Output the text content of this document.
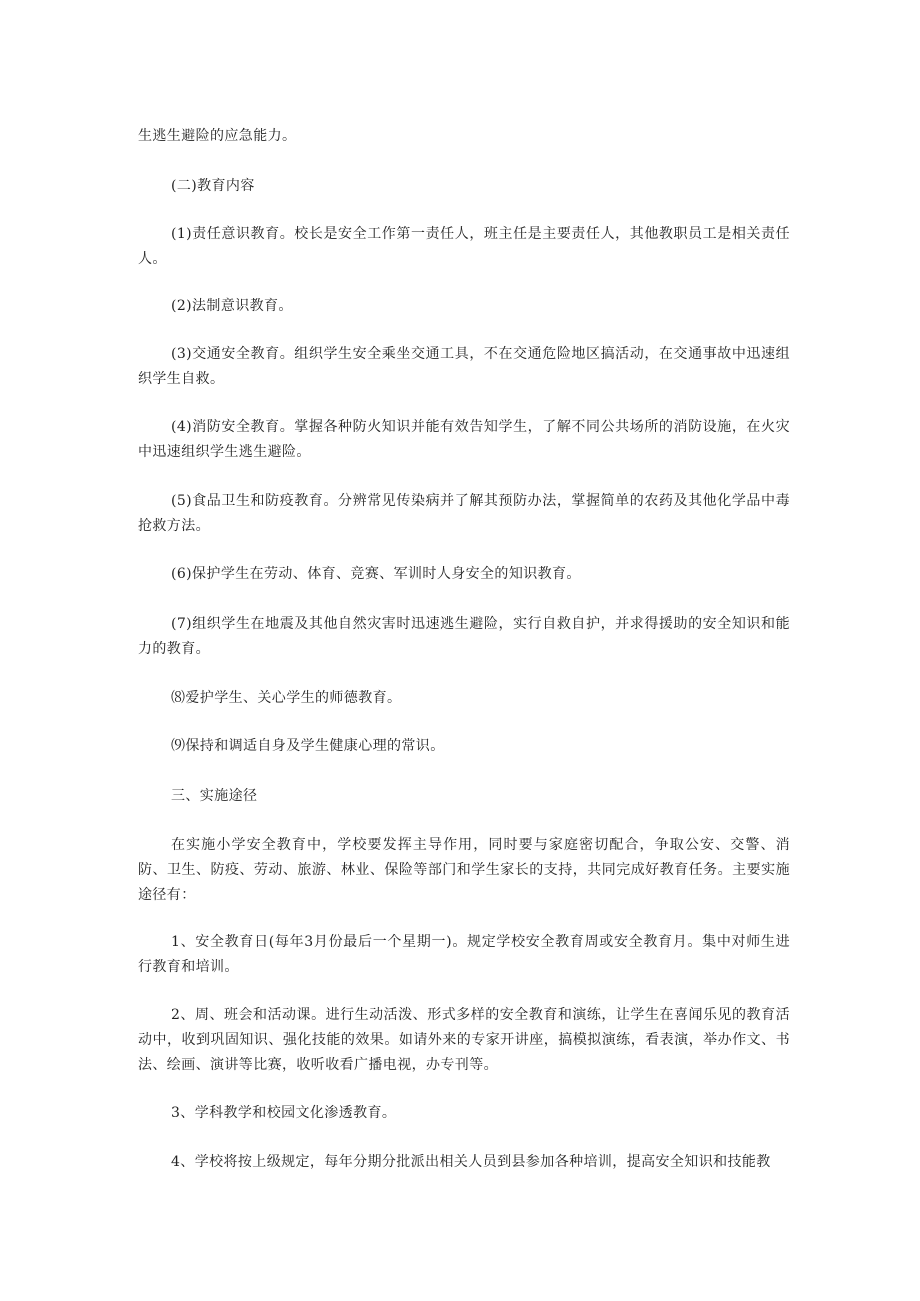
生逃生避险的应急能力。

(二)教育内容

(1)责任意识教育。校长是安全工作第一责任人，班主任是主要责任人，其他教职员工是相关责任人。

(2)法制意识教育。

(3)交通安全教育。组织学生安全乘坐交通工具，不在交通危险地区搞活动，在交通事故中迅速组织学生自救。

(4)消防安全教育。掌握各种防火知识并能有效告知学生，了解不同公共场所的消防设施，在火灾中迅速组织学生逃生避险。

(5)食品卫生和防疫教育。分辨常见传染病并了解其预防办法，掌握简单的农药及其他化学品中毒抢救方法。

(6)保护学生在劳动、体育、竞赛、军训时人身安全的知识教育。

(7)组织学生在地震及其他自然灾害时迅速逃生避险，实行自救自护，并求得援助的安全知识和能力的教育。

⑻爱护学生、关心学生的师德教育。

⑼保持和调适自身及学生健康心理的常识。

三、实施途径

在实施小学安全教育中，学校要发挥主导作用，同时要与家庭密切配合，争取公安、交警、消防、卫生、防疫、劳动、旅游、林业、保险等部门和学生家长的支持，共同完成好教育任务。主要实施途径有：

1、安全教育日(每年3月份最后一个星期一)。规定学校安全教育周或安全教育月。集中对师生进行教育和培训。

2、周、班会和活动课。进行生动活泼、形式多样的安全教育和演练，让学生在喜闻乐见的教育活动中，收到巩固知识、强化技能的效果。如请外来的专家开讲座，搞模拟演练，看表演，举办作文、书法、绘画、演讲等比赛，收听收看广播电视，办专刊等。

3、学科教学和校园文化渗透教育。

4、学校将按上级规定，每年分期分批派出相关人员到县参加各种培训，提高安全知识和技能教
